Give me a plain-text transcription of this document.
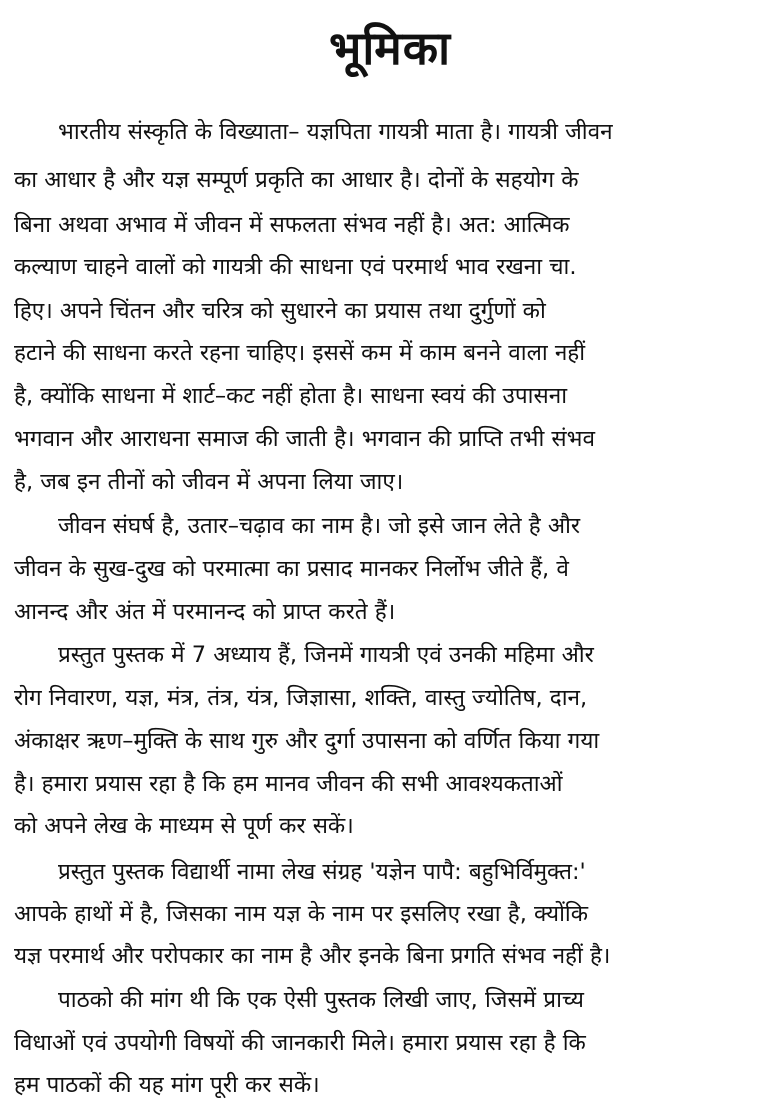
भूमिका
भारतीय संस्कृति के विख्याता– यज्ञपिता गायत्री माता है। गायत्री जीवन
का आधार है और यज्ञ सम्पूर्ण प्रकृति का आधार है। दोनों के सहयोग के
बिना अथवा अभाव में जीवन में सफलता संभव नहीं है। अत: आत्मिक
कल्याण चाहने वालों को गायत्री की साधना एवं परमार्थ भाव रखना चा.
हिए। अपने चिंतन और चरित्र को सुधारने का प्रयास तथा दुर्गुणों को
हटाने की साधना करते रहना चाहिए। इससें कम में काम बनने वाला नहीं
है, क्योंकि साधना में शार्ट–कट नहीं होता है। साधना स्वयं की उपासना
भगवान और आराधना समाज की जाती है। भगवान की प्राप्ति तभी संभव
है, जब इन तीनों को जीवन में अपना लिया जाए।
जीवन संघर्ष है, उतार–चढ़ाव का नाम है। जो इसे जान लेते है और
जीवन के सुख-दुख को परमात्मा का प्रसाद मानकर निर्लोभ जीते हैं, वे
आनन्द और अंत में परमानन्द को प्राप्त करते हैं।
प्रस्तुत पुस्तक में 7 अध्याय हैं, जिनमें गायत्री एवं उनकी महिमा और
रोग निवारण, यज्ञ, मंत्र, तंत्र, यंत्र, जिज्ञासा, शक्ति, वास्तु ज्योतिष, दान,
अंकाक्षर ऋण–मुक्ति के साथ गुरु और दुर्गा उपासना को वर्णित किया गया
है। हमारा प्रयास रहा है कि हम मानव जीवन की सभी आवश्यकताओं
को अपने लेख के माध्यम से पूर्ण कर सकें।
प्रस्तुत पुस्तक विद्यार्थी नामा लेख संग्रह 'यज्ञेन पापै: बहुभिर्विमुक्त:'
आपके हाथों में है, जिसका नाम यज्ञ के नाम पर इसलिए रखा है, क्योंकि
यज्ञ परमार्थ और परोपकार का नाम है और इनके बिना प्रगति संभव नहीं है।
पाठको की मांग थी कि एक ऐसी पुस्तक लिखी जाए, जिसमें प्राच्य
विधाओं एवं उपयोगी विषयों की जानकारी मिले। हमारा प्रयास रहा है कि
हम पाठकों की यह मांग पूरी कर सकें।
